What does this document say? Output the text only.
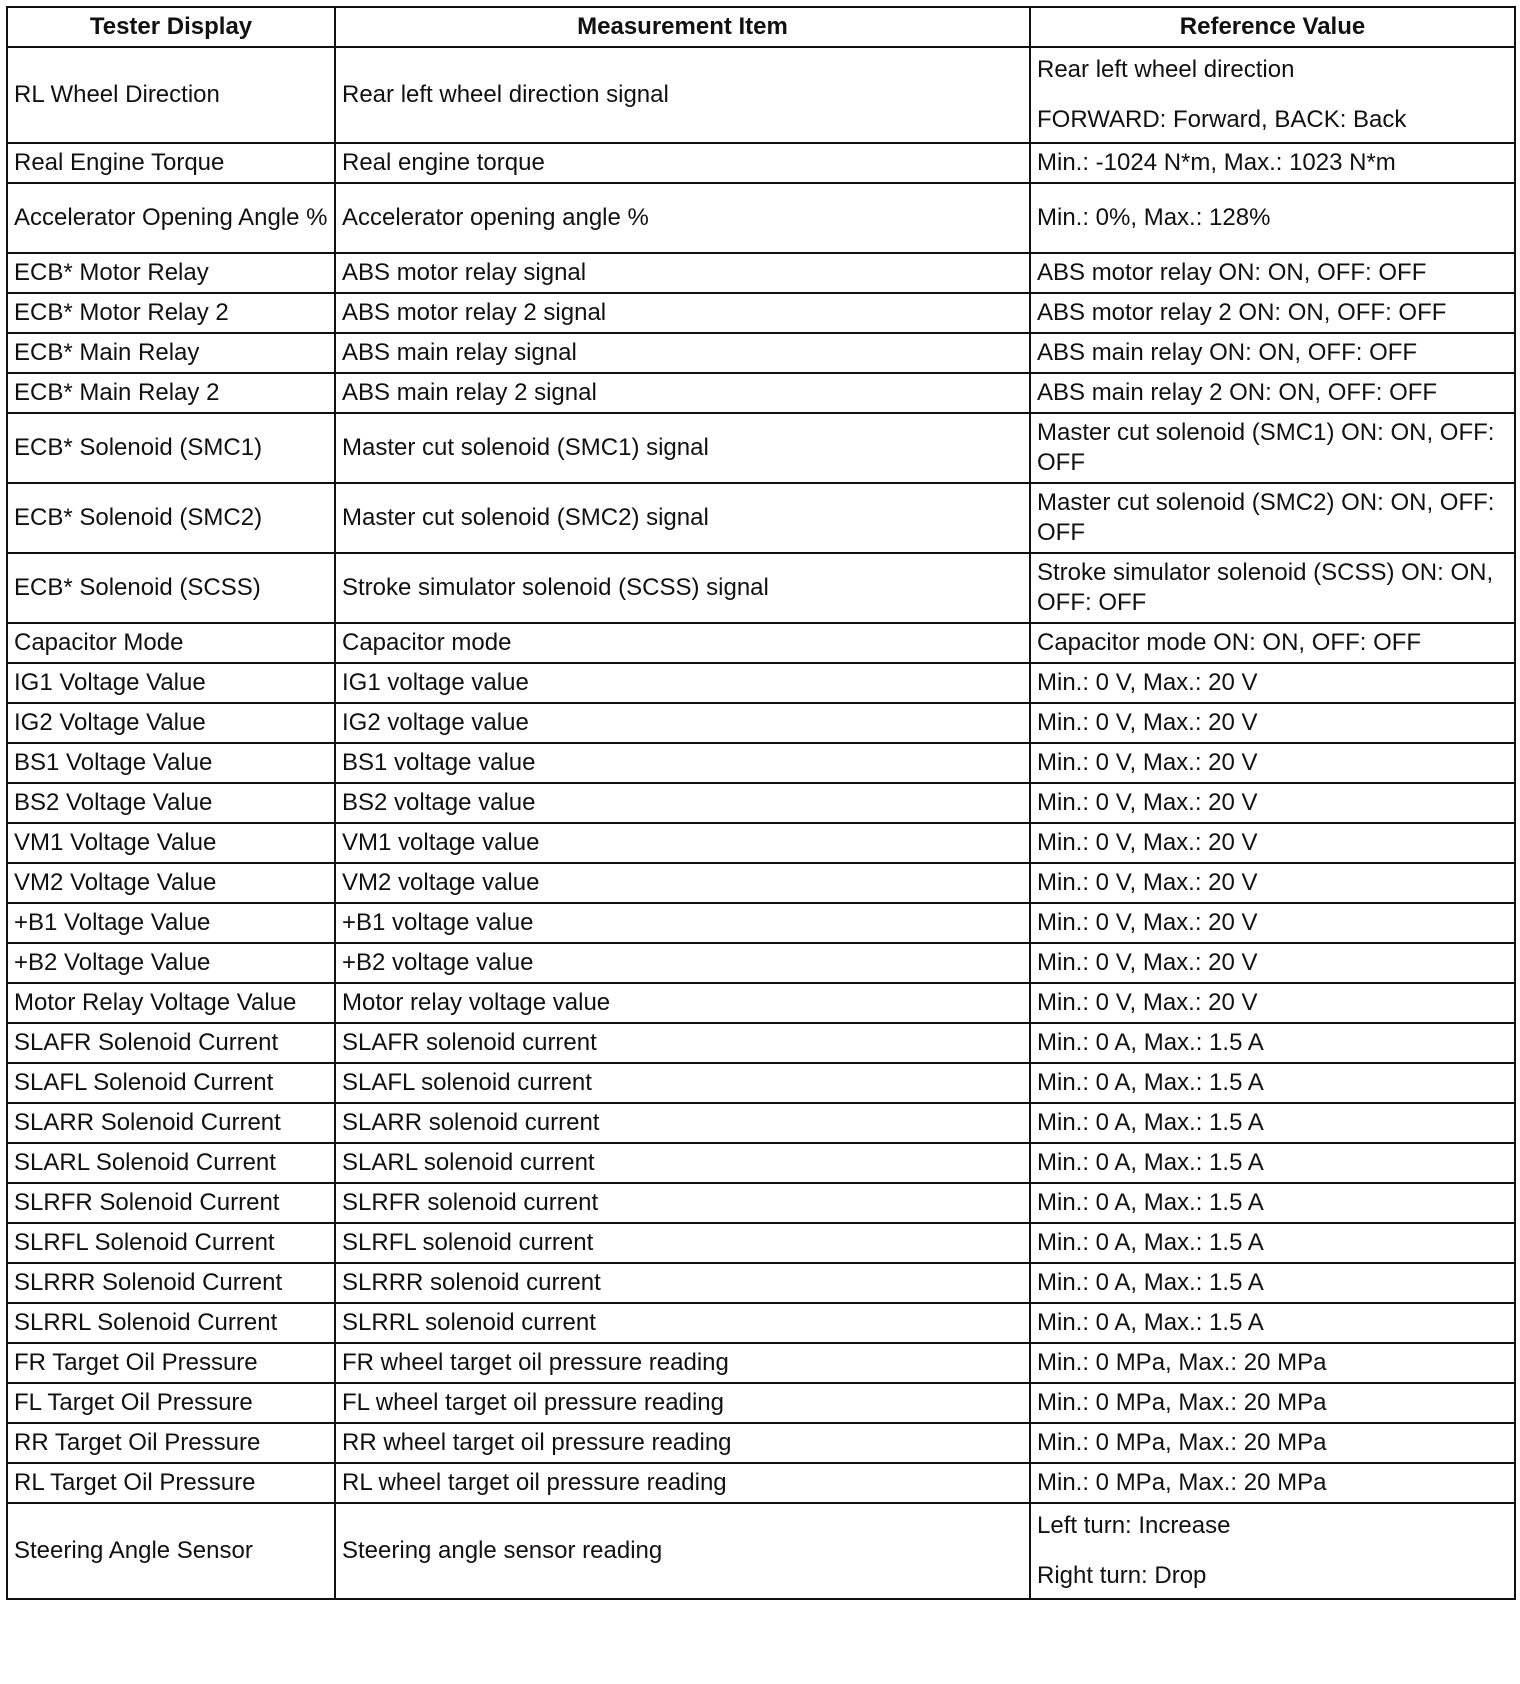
Tester Display	Measurement Item	Reference Value
RL Wheel Direction	Rear left wheel direction signal	Rear left wheel direction
FORWARD: Forward, BACK: Back

Real Engine Torque	Real engine torque	Min.: -1024 N*m, Max.: 1023 N*m
Accelerator Opening Angle %	Accelerator opening angle %	Min.: 0%, Max.: 128%
ECB* Motor Relay	ABS motor relay signal	ABS motor relay ON: ON, OFF: OFF
ECB* Motor Relay 2	ABS motor relay 2 signal	ABS motor relay 2 ON: ON, OFF: OFF
ECB* Main Relay	ABS main relay signal	ABS main relay ON: ON, OFF: OFF
ECB* Main Relay 2	ABS main relay 2 signal	ABS main relay 2 ON: ON, OFF: OFF
ECB* Solenoid (SMC1)	Master cut solenoid (SMC1) signal	Master cut solenoid (SMC1) ON: ON, OFF: OFF
ECB* Solenoid (SMC2)	Master cut solenoid (SMC2) signal	Master cut solenoid (SMC2) ON: ON, OFF: OFF
ECB* Solenoid (SCSS)	Stroke simulator solenoid (SCSS) signal	Stroke simulator solenoid (SCSS) ON: ON, OFF: OFF
Capacitor Mode	Capacitor mode	Capacitor mode ON: ON, OFF: OFF
IG1 Voltage Value	IG1 voltage value	Min.: 0 V, Max.: 20 V
IG2 Voltage Value	IG2 voltage value	Min.: 0 V, Max.: 20 V
BS1 Voltage Value	BS1 voltage value	Min.: 0 V, Max.: 20 V
BS2 Voltage Value	BS2 voltage value	Min.: 0 V, Max.: 20 V
VM1 Voltage Value	VM1 voltage value	Min.: 0 V, Max.: 20 V
VM2 Voltage Value	VM2 voltage value	Min.: 0 V, Max.: 20 V
+B1 Voltage Value	+B1 voltage value	Min.: 0 V, Max.: 20 V
+B2 Voltage Value	+B2 voltage value	Min.: 0 V, Max.: 20 V
Motor Relay Voltage Value	Motor relay voltage value	Min.: 0 V, Max.: 20 V
SLAFR Solenoid Current	SLAFR solenoid current	Min.: 0 A, Max.: 1.5 A
SLAFL Solenoid Current	SLAFL solenoid current	Min.: 0 A, Max.: 1.5 A
SLARR Solenoid Current	SLARR solenoid current	Min.: 0 A, Max.: 1.5 A
SLARL Solenoid Current	SLARL solenoid current	Min.: 0 A, Max.: 1.5 A
SLRFR Solenoid Current	SLRFR solenoid current	Min.: 0 A, Max.: 1.5 A
SLRFL Solenoid Current	SLRFL solenoid current	Min.: 0 A, Max.: 1.5 A
SLRRR Solenoid Current	SLRRR solenoid current	Min.: 0 A, Max.: 1.5 A
SLRRL Solenoid Current	SLRRL solenoid current	Min.: 0 A, Max.: 1.5 A
FR Target Oil Pressure	FR wheel target oil pressure reading	Min.: 0 MPa, Max.: 20 MPa
FL Target Oil Pressure	FL wheel target oil pressure reading	Min.: 0 MPa, Max.: 20 MPa
RR Target Oil Pressure	RR wheel target oil pressure reading	Min.: 0 MPa, Max.: 20 MPa
RL Target Oil Pressure	RL wheel target oil pressure reading	Min.: 0 MPa, Max.: 20 MPa
Steering Angle Sensor	Steering angle sensor reading	Left turn: Increase
Right turn: Drop
